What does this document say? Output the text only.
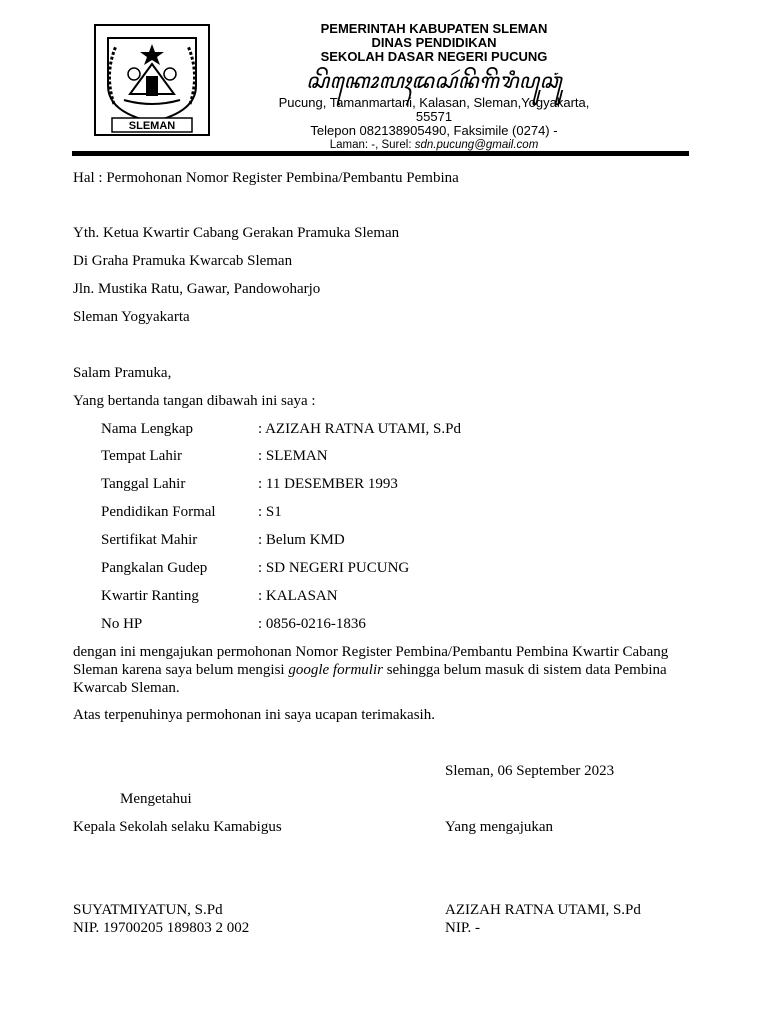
SLEMAN
PEMERINTAH KABUPATEN SLEMAN
DINAS PENDIDIKAN
SEKOLAH DASAR NEGERI PUCUNG
ꦱꦼꦏꦺꦴꦭꦃꦢꦱꦂꦤꦼꦒꦼꦫꦶꦥꦸꦕꦸꦁ
Pucung, Tamanmartani, Kalasan, Sleman,Yogyakarta, 55571
Telepon 082138905490, Faksimile (0274) -
Laman: -, Surel: sdn.pucung@gmail.com
Hal : Permohonan Nomor Register Pembina/Pembantu Pembina
Yth. Ketua Kwartir Cabang Gerakan Pramuka Sleman
Di Graha Pramuka Kwarcab Sleman
Jln. Mustika Ratu, Gawar, Pandowoharjo
Sleman Yogyakarta
Salam Pramuka,
Yang bertanda tangan dibawah ini saya :
Nama Lengkap	: AZIZAH RATNA UTAMI, S.Pd
Tempat Lahir	: SLEMAN
Tanggal Lahir	: 11 DESEMBER 1993
Pendidikan Formal	: S1
Sertifikat Mahir	: Belum KMD
Pangkalan Gudep	: SD NEGERI PUCUNG
Kwartir Ranting	: KALASAN
No HP	: 0856-0216-1836
dengan ini mengajukan permohonan Nomor Register Pembina/Pembantu Pembina Kwartir Cabang Sleman karena saya belum mengisi google formulir sehingga belum masuk di sistem data Pembina Kwarcab Sleman.
Atas terpenuhinya permohonan ini saya ucapan terimakasih.
Sleman, 06 September 2023
Mengetahui
Kepala Sekolah selaku Kamabigus	Yang mengajukan
SUYATMIYATUN, S.Pd
NIP. 19700205 189803 2 002
AZIZAH RATNA UTAMI, S.Pd
NIP. -
